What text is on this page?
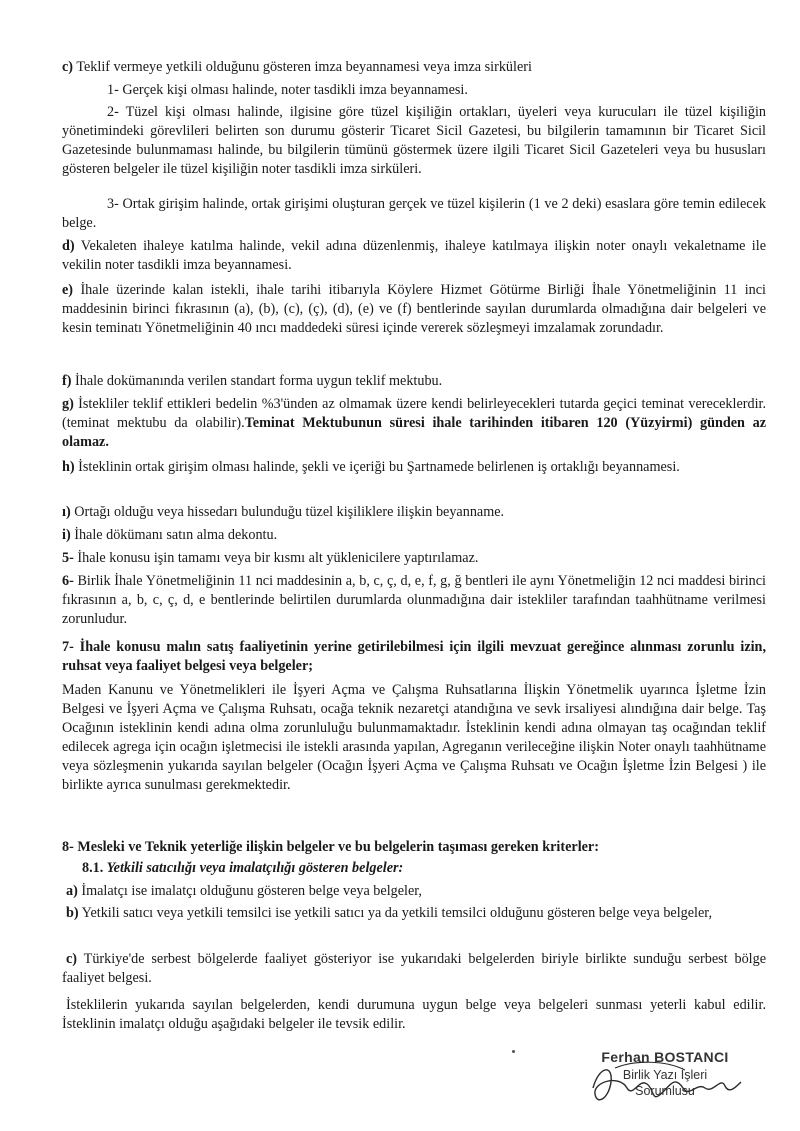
c) Teklif vermeye yetkili olduğunu gösteren imza beyannamesi veya imza sirküleri

1- Gerçek kişi olması halinde, noter tasdikli imza beyannamesi.

2- Tüzel kişi olması halinde, ilgisine göre tüzel kişiliğin ortakları, üyeleri veya kurucuları ile tüzel kişiliğin yönetimindeki görevlileri belirten son durumu gösterir Ticaret Sicil Gazetesi, bu bilgilerin tamamının bir Ticaret Sicil Gazetesinde bulunmaması halinde, bu bilgilerin tümünü göstermek üzere ilgili Ticaret Sicil Gazeteleri veya bu hususları gösteren belgeler ile tüzel kişiliğin noter tasdikli imza sirküleri.

3- Ortak girişim halinde, ortak girişimi oluşturan gerçek ve tüzel kişilerin (1 ve 2 deki) esaslara göre temin edilecek belge.

d) Vekaleten ihaleye katılma halinde, vekil adına düzenlenmiş, ihaleye katılmaya ilişkin noter onaylı vekaletname ile vekilin noter tasdikli imza beyannamesi.

e) İhale üzerinde kalan istekli, ihale tarihi itibarıyla Köylere Hizmet Götürme Birliği İhale Yönetmeliğinin 11 inci maddesinin birinci fıkrasının (a), (b), (c), (ç), (d), (e) ve (f) bentlerinde sayılan durumlarda olmadığına dair belgeleri ve kesin teminatı Yönetmeliğinin 40 ıncı maddedeki süresi içinde vererek sözleşmeyi imzalamak zorundadır.

f) İhale dokümanında verilen standart forma uygun teklif mektubu.

g) İstekliler teklif ettikleri bedelin %3'ünden az olmamak üzere kendi belirleyecekleri tutarda geçici teminat vereceklerdir. (teminat mektubu da olabilir).Teminat Mektubunun süresi ihale tarihinden itibaren 120 (Yüzyirmi) günden az olamaz.

h) İsteklinin ortak girişim olması halinde, şekli ve içeriği bu Şartnamede belirlenen iş ortaklığı beyannamesi.

ı) Ortağı olduğu veya hissedarı bulunduğu tüzel kişiliklere ilişkin beyanname.

i) İhale dökümanı satın alma dekontu.

5- İhale konusu işin tamamı veya bir kısmı alt yüklenicilere yaptırılamaz.

6- Birlik İhale Yönetmeliğinin 11 nci maddesinin a, b, c, ç, d, e, f, g, ğ bentleri ile aynı Yönetmeliğin 12 nci maddesi birinci fıkrasının a, b, c, ç, d, e bentlerinde belirtilen durumlarda olunmadığına dair istekliler tarafından taahhütname verilmesi zorunludur.

7- İhale konusu malın satış faaliyetinin yerine getirilebilmesi için ilgili mevzuat gereğince alınması zorunlu izin, ruhsat veya faaliyet belgesi veya belgeler;

Maden Kanunu ve Yönetmelikleri ile İşyeri Açma ve Çalışma Ruhsatlarına İlişkin Yönetmelik uyarınca İşletme İzin Belgesi ve İşyeri Açma ve Çalışma Ruhsatı, ocağa teknik nezaretçi atandığına ve sevk irsaliyesi alındığına dair belge. Taş Ocağının isteklinin kendi adına olma zorunluluğu bulunmamaktadır. İsteklinin kendi adına olmayan taş ocağından teklif edilecek agrega için ocağın işletmecisi ile istekli arasında yapılan, Agreganın verileceğine ilişkin Noter onaylı taahhütname veya sözleşmenin yukarıda sayılan belgeler (Ocağın İşyeri Açma ve Çalışma Ruhsatı ve Ocağın İşletme İzin Belgesi ) ile birlikte ayrıca sunulması gerekmektedir.

8- Mesleki ve Teknik yeterliğe ilişkin belgeler ve bu belgelerin taşıması gereken kriterler:

8.1. Yetkili satıcılığı veya imalatçılığı gösteren belgeler:

a) İmalatçı ise imalatçı olduğunu gösteren belge veya belgeler,

b) Yetkili satıcı veya yetkili temsilci ise yetkili satıcı ya da yetkili temsilci olduğunu gösteren belge veya belgeler,

c) Türkiye'de serbest bölgelerde faaliyet gösteriyor ise yukarıdaki belgelerden biriyle birlikte sunduğu serbest bölge faaliyet belgesi.

İsteklilerin yukarıda sayılan belgelerden, kendi durumuna uygun belge veya belgeleri sunması yeterli kabul edilir. İsteklinin imalatçı olduğu aşağıdaki belgeler ile tevsik edilir.

Ferhan BOSTANCI
Birlik Yazı İşleri
Sorumlusu
